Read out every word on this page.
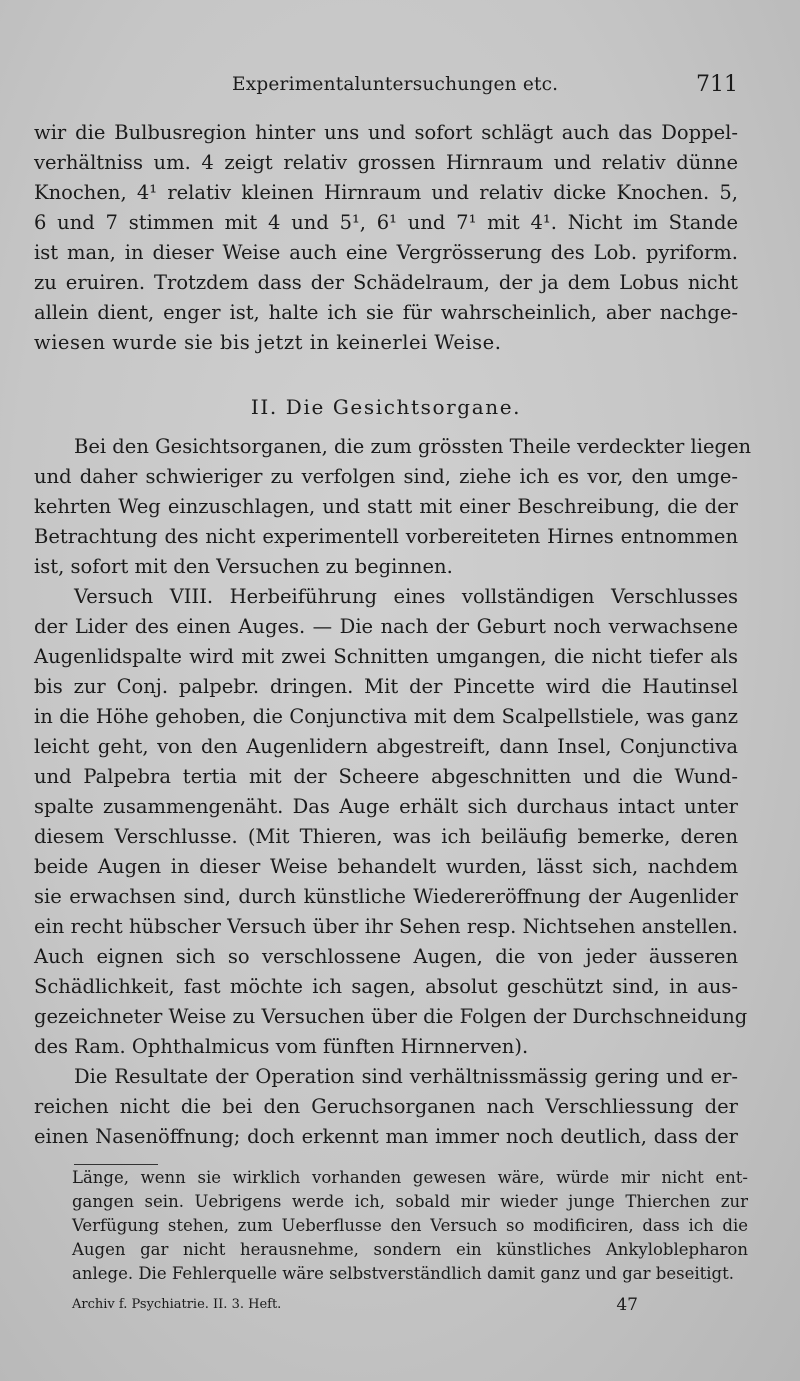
Experimentaluntersuchungen etc.	711
wir die Bulbusregion hinter uns und sofort schlägt auch das Doppel-
verhältniss um. 4 zeigt relativ grossen Hirnraum und relativ dünne
Knochen, 4¹ relativ kleinen Hirnraum und relativ dicke Knochen. 5,
6 und 7 stimmen mit 4 und 5¹, 6¹ und 7¹ mit 4¹. Nicht im Stande
ist man, in dieser Weise auch eine Vergrösserung des Lob. pyriform.
zu eruiren. Trotzdem dass der Schädelraum, der ja dem Lobus nicht
allein dient, enger ist, halte ich sie für wahrscheinlich, aber nachge-
wiesen wurde sie bis jetzt in keinerlei Weise.
II. Die Gesichtsorgane.
Bei den Gesichtsorganen, die zum grössten Theile verdeckter liegen
und daher schwieriger zu verfolgen sind, ziehe ich es vor, den umge-
kehrten Weg einzuschlagen, und statt mit einer Beschreibung, die der
Betrachtung des nicht experimentell vorbereiteten Hirnes entnommen
ist, sofort mit den Versuchen zu beginnen.
Versuch VIII. Herbeiführung eines vollständigen Verschlusses
der Lider des einen Auges. — Die nach der Geburt noch verwachsene
Augenlidspalte wird mit zwei Schnitten umgangen, die nicht tiefer als
bis zur Conj. palpebr. dringen. Mit der Pincette wird die Hautinsel
in die Höhe gehoben, die Conjunctiva mit dem Scalpellstiele, was ganz
leicht geht, von den Augenlidern abgestreift, dann Insel, Conjunctiva
und Palpebra tertia mit der Scheere abgeschnitten und die Wund-
spalte zusammengenäht. Das Auge erhält sich durchaus intact unter
diesem Verschlusse. (Mit Thieren, was ich beiläufig bemerke, deren
beide Augen in dieser Weise behandelt wurden, lässt sich, nachdem
sie erwachsen sind, durch künstliche Wiedereröffnung der Augenlider
ein recht hübscher Versuch über ihr Sehen resp. Nichtsehen anstellen.
Auch eignen sich so verschlossene Augen, die von jeder äusseren
Schädlichkeit, fast möchte ich sagen, absolut geschützt sind, in aus-
gezeichneter Weise zu Versuchen über die Folgen der Durchschneidung
des Ram. Ophthalmicus vom fünften Hirnnerven).
Die Resultate der Operation sind verhältnissmässig gering und er-
reichen nicht die bei den Geruchsorganen nach Verschliessung der
einen Nasenöffnung; doch erkennt man immer noch deutlich, dass der
Länge, wenn sie wirklich vorhanden gewesen wäre, würde mir nicht ent-
gangen sein. Uebrigens werde ich, sobald mir wieder junge Thierchen zur
Verfügung stehen, zum Ueberflusse den Versuch so modificiren, dass ich die
Augen gar nicht herausnehme, sondern ein künstliches Ankyloblepharon
anlege. Die Fehlerquelle wäre selbstverständlich damit ganz und gar beseitigt.
Archiv f. Psychiatrie. II. 3. Heft.	47
